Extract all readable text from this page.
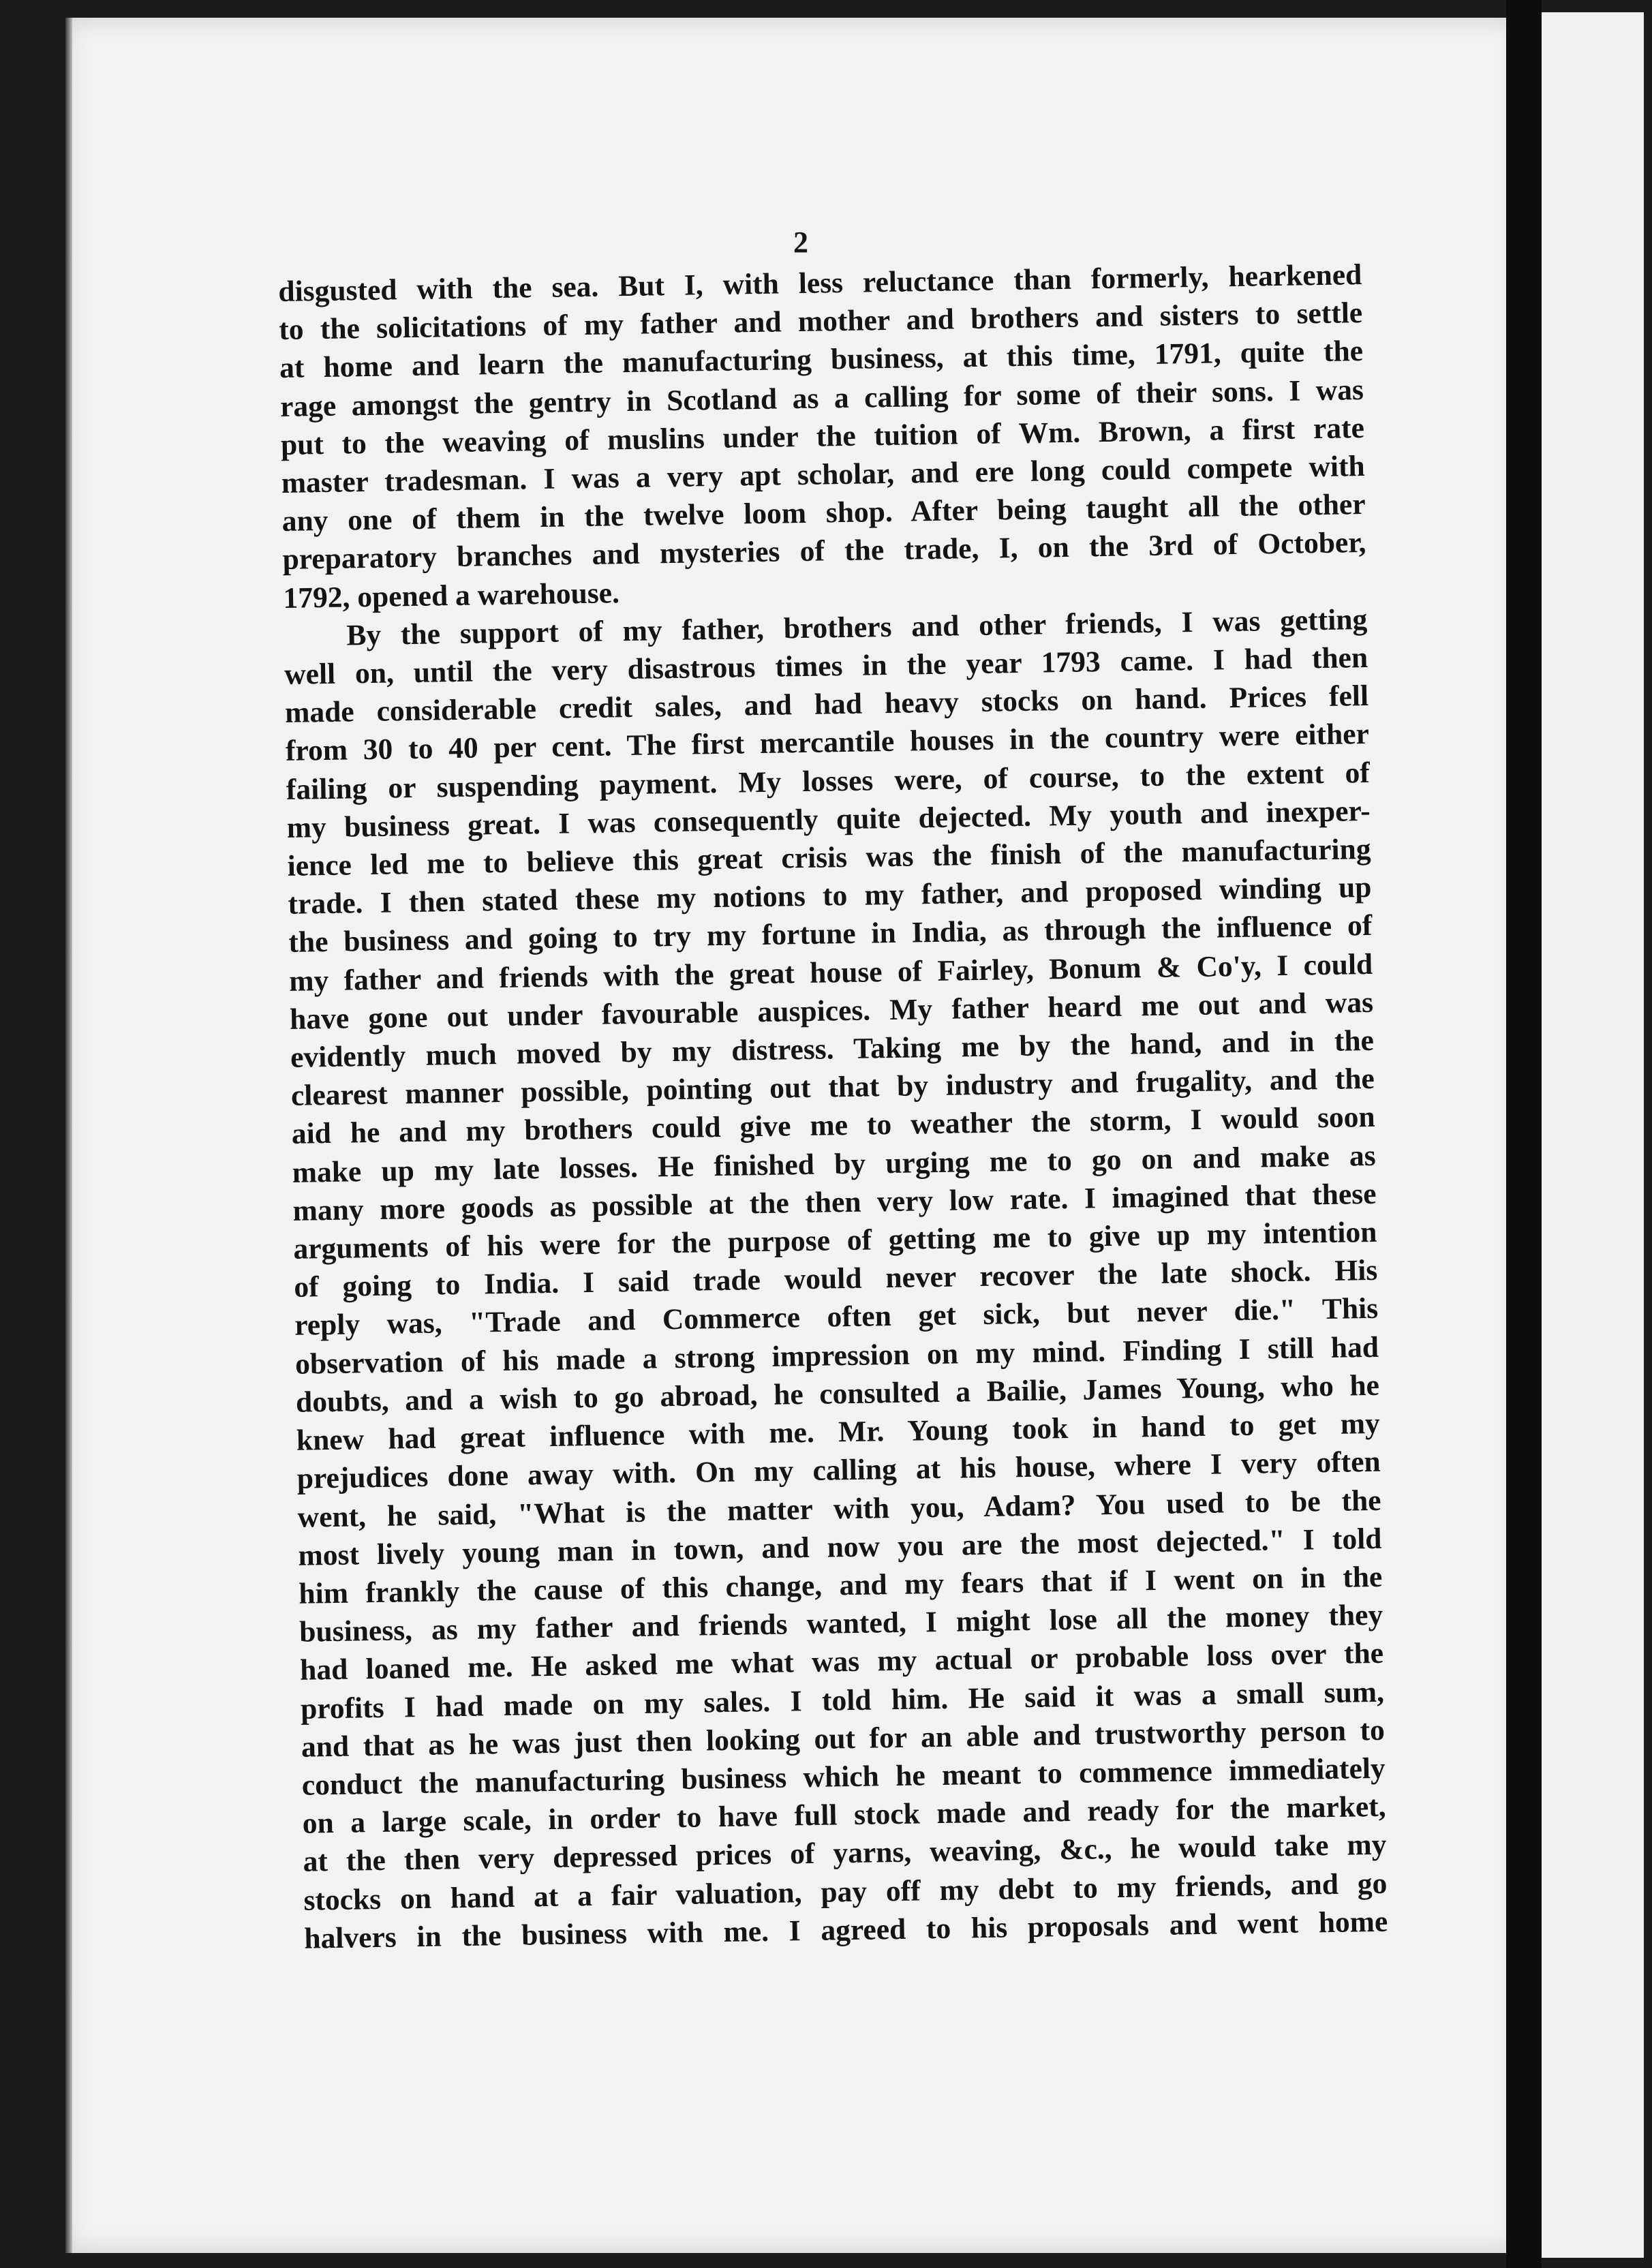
2
disgusted with the sea. But I, with less reluctance than formerly, hearkened
to the solicitations of my father and mother and brothers and sisters to settle
at home and learn the manufacturing business, at this time, 1791, quite the
rage amongst the gentry in Scotland as a calling for some of their sons. I was
put to the weaving of muslins under the tuition of Wm. Brown, a first rate
master tradesman. I was a very apt scholar, and ere long could compete with
any one of them in the twelve loom shop. After being taught all the other
preparatory branches and mysteries of the trade, I, on the 3rd of October,
1792, opened a warehouse.
By the support of my father, brothers and other friends, I was getting
well on, until the very disastrous times in the year 1793 came. I had then
made considerable credit sales, and had heavy stocks on hand. Prices fell
from 30 to 40 per cent. The first mercantile houses in the country were either
failing or suspending payment. My losses were, of course, to the extent of
my business great. I was consequently quite dejected. My youth and inexper-
ience led me to believe this great crisis was the finish of the manufacturing
trade. I then stated these my notions to my father, and proposed winding up
the business and going to try my fortune in India, as through the influence of
my father and friends with the great house of Fairley, Bonum & Co'y, I could
have gone out under favourable auspices. My father heard me out and was
evidently much moved by my distress. Taking me by the hand, and in the
clearest manner possible, pointing out that by industry and frugality, and the
aid he and my brothers could give me to weather the storm, I would soon
make up my late losses. He finished by urging me to go on and make as
many more goods as possible at the then very low rate. I imagined that these
arguments of his were for the purpose of getting me to give up my intention
of going to India. I said trade would never recover the late shock. His
reply was, "Trade and Commerce often get sick, but never die." This
observation of his made a strong impression on my mind. Finding I still had
doubts, and a wish to go abroad, he consulted a Bailie, James Young, who he
knew had great influence with me. Mr. Young took in hand to get my
prejudices done away with. On my calling at his house, where I very often
went, he said, "What is the matter with you, Adam? You used to be the
most lively young man in town, and now you are the most dejected." I told
him frankly the cause of this change, and my fears that if I went on in the
business, as my father and friends wanted, I might lose all the money they
had loaned me. He asked me what was my actual or probable loss over the
profits I had made on my sales. I told him. He said it was a small sum,
and that as he was just then looking out for an able and trustworthy person to
conduct the manufacturing business which he meant to commence immediately
on a large scale, in order to have full stock made and ready for the market,
at the then very depressed prices of yarns, weaving, &c., he would take my
stocks on hand at a fair valuation, pay off my debt to my friends, and go
halvers in the business with me. I agreed to his proposals and went home
